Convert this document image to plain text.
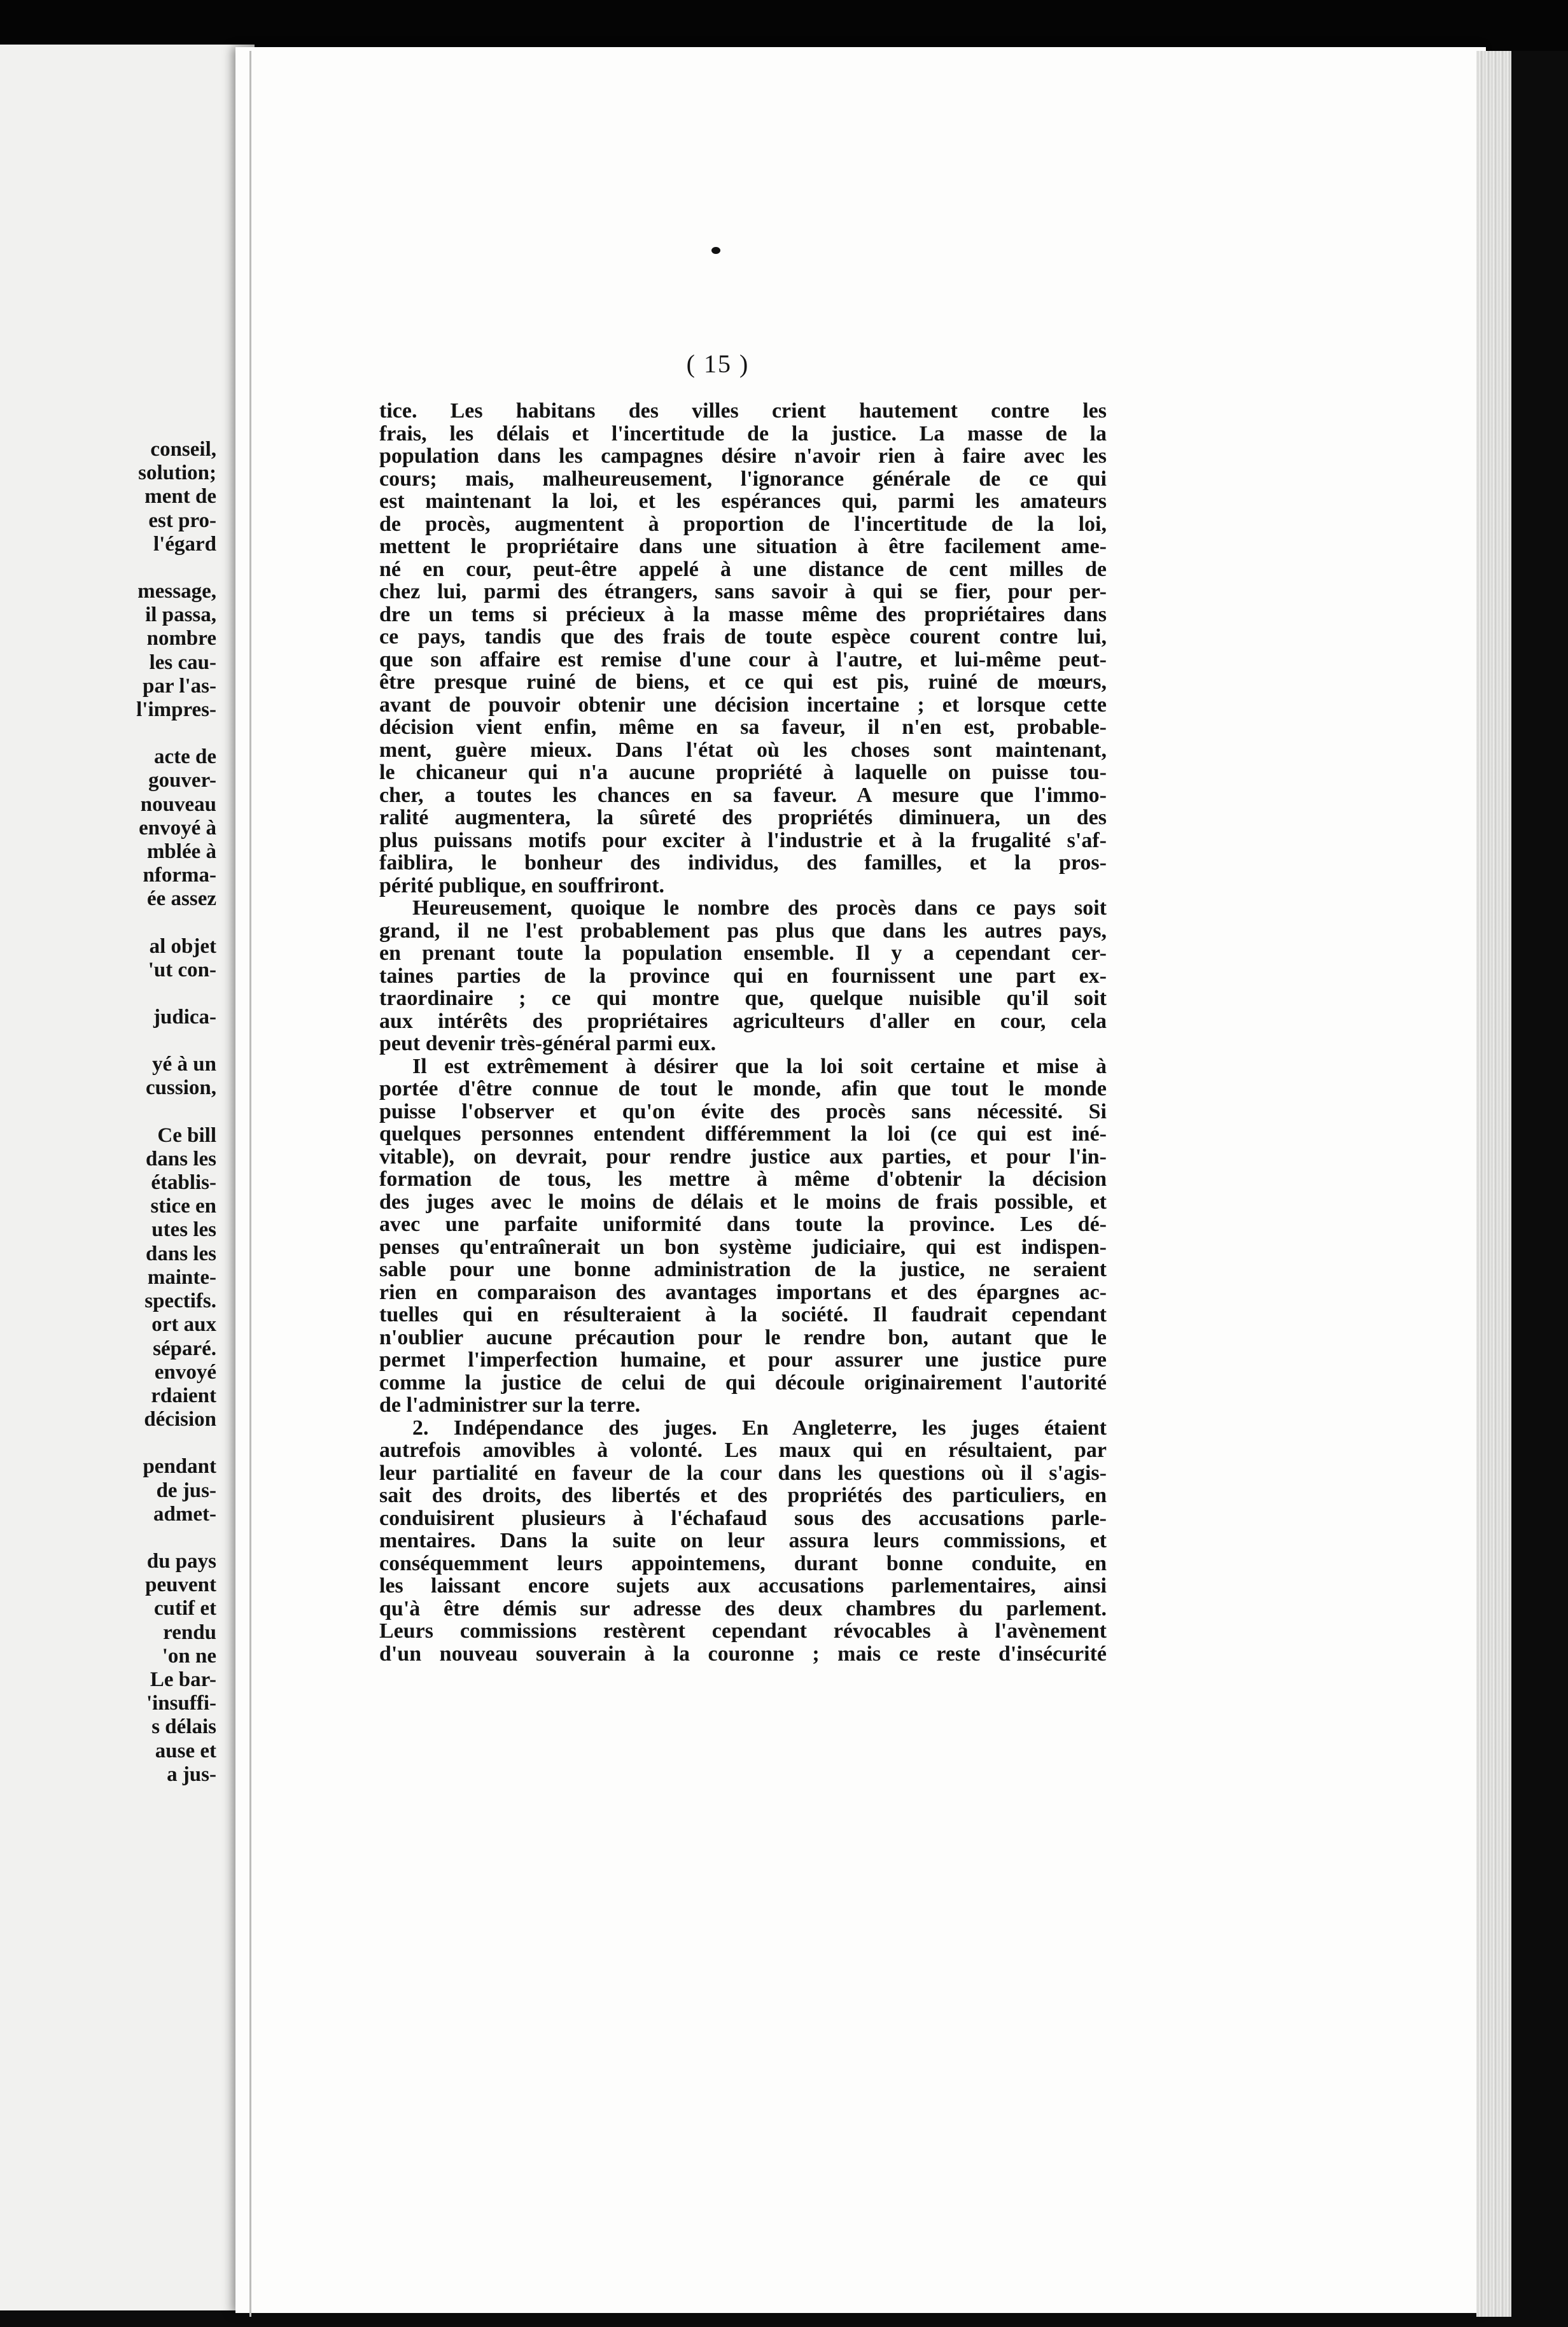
conseil,
solution;
ment de
est pro-
l'égard
message,
il passa,
nombre
les cau-
par l'as-
l'impres-
acte de
gouver-
nouveau
envoyé à
mblée à
nforma-
ée assez
al objet
'ut con-
judica-
yé à un
cussion,
Ce bill
dans les
établis-
stice en
utes les
dans les
mainte-
spectifs.
ort aux
séparé.
envoyé
rdaient
décision
pendant
de jus-
admet-
du pays
peuvent
cutif et
rendu
'on ne
Le bar-
'insuffi-
s délais
ause et
a jus-
( 15 )
tice. Les habitans des villes crient hautement contre les
frais, les délais et l'incertitude de la justice. La masse de la
population dans les campagnes désire n'avoir rien à faire avec les
cours; mais, malheureusement, l'ignorance générale de ce qui
est maintenant la loi, et les espérances qui, parmi les amateurs
de procès, augmentent à proportion de l'incertitude de la loi,
mettent le propriétaire dans une situation à être facilement ame-
né en cour, peut-être appelé à une distance de cent milles de
chez lui, parmi des étrangers, sans savoir à qui se fier, pour per-
dre un tems si précieux à la masse même des propriétaires dans
ce pays, tandis que des frais de toute espèce courent contre lui,
que son affaire est remise d'une cour à l'autre, et lui-même peut-
être presque ruiné de biens, et ce qui est pis, ruiné de mœurs,
avant de pouvoir obtenir une décision incertaine ; et lorsque cette
décision vient enfin, même en sa faveur, il n'en est, probable-
ment, guère mieux. Dans l'état où les choses sont maintenant,
le chicaneur qui n'a aucune propriété à laquelle on puisse tou-
cher, a toutes les chances en sa faveur. A mesure que l'immo-
ralité augmentera, la sûreté des propriétés diminuera, un des
plus puissans motifs pour exciter à l'industrie et à la frugalité s'af-
faiblira, le bonheur des individus, des familles, et la pros-
périté publique, en souffriront.
Heureusement, quoique le nombre des procès dans ce pays soit
grand, il ne l'est probablement pas plus que dans les autres pays,
en prenant toute la population ensemble. Il y a cependant cer-
taines parties de la province qui en fournissent une part ex-
traordinaire ; ce qui montre que, quelque nuisible qu'il soit
aux intérêts des propriétaires agriculteurs d'aller en cour, cela
peut devenir très-général parmi eux.
Il est extrêmement à désirer que la loi soit certaine et mise à
portée d'être connue de tout le monde, afin que tout le monde
puisse l'observer et qu'on évite des procès sans nécessité. Si
quelques personnes entendent différemment la loi (ce qui est iné-
vitable), on devrait, pour rendre justice aux parties, et pour l'in-
formation de tous, les mettre à même d'obtenir la décision
des juges avec le moins de délais et le moins de frais possible, et
avec une parfaite uniformité dans toute la province. Les dé-
penses qu'entraînerait un bon système judiciaire, qui est indispen-
sable pour une bonne administration de la justice, ne seraient
rien en comparaison des avantages importans et des épargnes ac-
tuelles qui en résulteraient à la société. Il faudrait cependant
n'oublier aucune précaution pour le rendre bon, autant que le
permet l'imperfection humaine, et pour assurer une justice pure
comme la justice de celui de qui découle originairement l'autorité
de l'administrer sur la terre.
2. Indépendance des juges. En Angleterre, les juges étaient
autrefois amovibles à volonté. Les maux qui en résultaient, par
leur partialité en faveur de la cour dans les questions où il s'agis-
sait des droits, des libertés et des propriétés des particuliers, en
conduisirent plusieurs à l'échafaud sous des accusations parle-
mentaires. Dans la suite on leur assura leurs commissions, et
conséquemment leurs appointemens, durant bonne conduite, en
les laissant encore sujets aux accusations parlementaires, ainsi
qu'à être démis sur adresse des deux chambres du parlement.
Leurs commissions restèrent cependant révocables à l'avènement
d'un nouveau souverain à la couronne ; mais ce reste d'insécurité
